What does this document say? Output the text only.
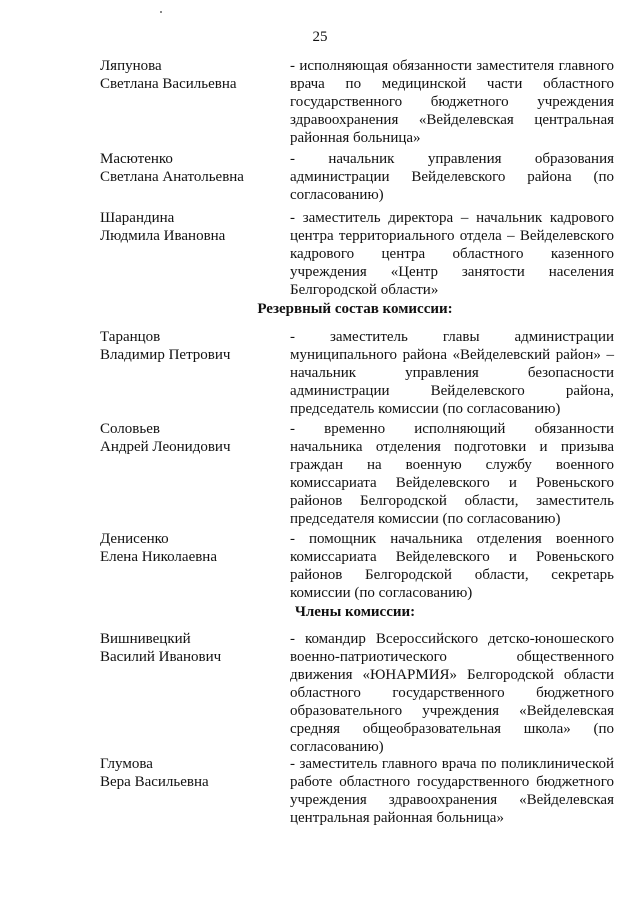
25
Ляпунова
Светлана Васильевна
- исполняющая обязанности заместителя главного врача по медицинской части областного государственного бюджетного учреждения здравоохранения «Вейделевская центральная районная больница»
Масютенко
Светлана Анатольевна
- начальник управления образования администрации Вейделевского района (по согласованию)
Шарандина
Людмила Ивановна
- заместитель директора – начальник кадрового центра территориального отдела – Вейделевского кадрового центра областного казенного учреждения «Центр занятости населения Белгородской области»
Резервный состав комиссии:
Таранцов
Владимир Петрович
- заместитель главы администрации муниципального района «Вейделевский район» – начальник управления безопасности администрации Вейделевского района, председатель комиссии (по согласованию)
Соловьев
Андрей Леонидович
- временно исполняющий обязанности начальника отделения подготовки и призыва граждан на военную службу военного комиссариата Вейделевского и Ровеньского районов Белгородской области, заместитель председателя комиссии (по согласованию)
Денисенко
Елена Николаевна
- помощник начальника отделения военного комиссариата Вейделевского и Ровеньского районов Белгородской области, секретарь комиссии (по согласованию)
Члены комиссии:
Вишнивецкий
Василий Иванович
- командир Всероссийского детско-юношеского военно-патриотического общественного движения «ЮНАРМИЯ» Белгородской области областного государственного бюджетного образовательного учреждения «Вейделевская средняя общеобразовательная школа» (по согласованию)
Глумова
Вера Васильевна
- заместитель главного врача по поликлинической работе областного государственного бюджетного учреждения здравоохранения «Вейделевская центральная районная больница»
